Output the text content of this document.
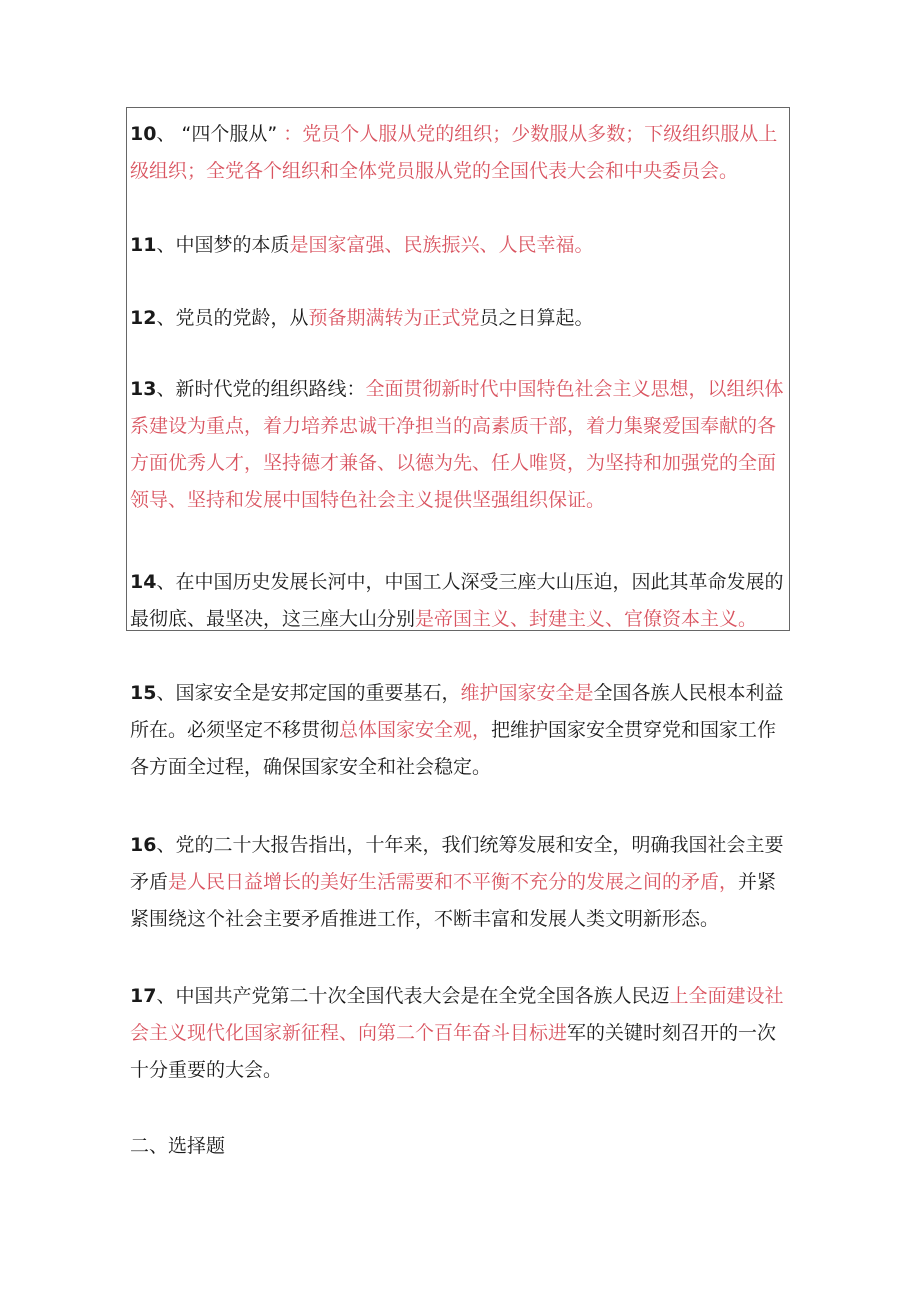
10、 “四个服从” ：党员个人服从党的组织；少数服从多数；下级组织服从上级组织；全党各个组织和全体党员服从党的全国代表大会和中央委员会。

11、中国梦的本质是国家富强、民族振兴、人民幸福。

12、党员的党龄，从预备期满转为正式党员之日算起。

13、新时代党的组织路线：全面贯彻新时代中国特色社会主义思想，以组织体系建设为重点，着力培养忠诚干净担当的高素质干部，着力集聚爱国奉献的各方面优秀人才，坚持德才兼备、以德为先、任人唯贤，为坚持和加强党的全面领导、坚持和发展中国特色社会主义提供坚强组织保证。

14、在中国历史发展长河中，中国工人深受三座大山压迫，因此其革命发展的最彻底、最坚决，这三座大山分别是帝国主义、封建主义、官僚资本主义。

15、国家安全是安邦定国的重要基石，维护国家安全是全国各族人民根本利益所在。必须坚定不移贯彻总体国家安全观，把维护国家安全贯穿党和国家工作各方面全过程，确保国家安全和社会稳定。

16、党的二十大报告指出，十年来，我们统筹发展和安全，明确我国社会主要矛盾是人民日益增长的美好生活需要和不平衡不充分的发展之间的矛盾，并紧紧围绕这个社会主要矛盾推进工作，不断丰富和发展人类文明新形态。

17、中国共产党第二十次全国代表大会是在全党全国各族人民迈上全面建设社会主义现代化国家新征程、向第二个百年奋斗目标进军的关键时刻召开的一次十分重要的大会。

二、选择题
